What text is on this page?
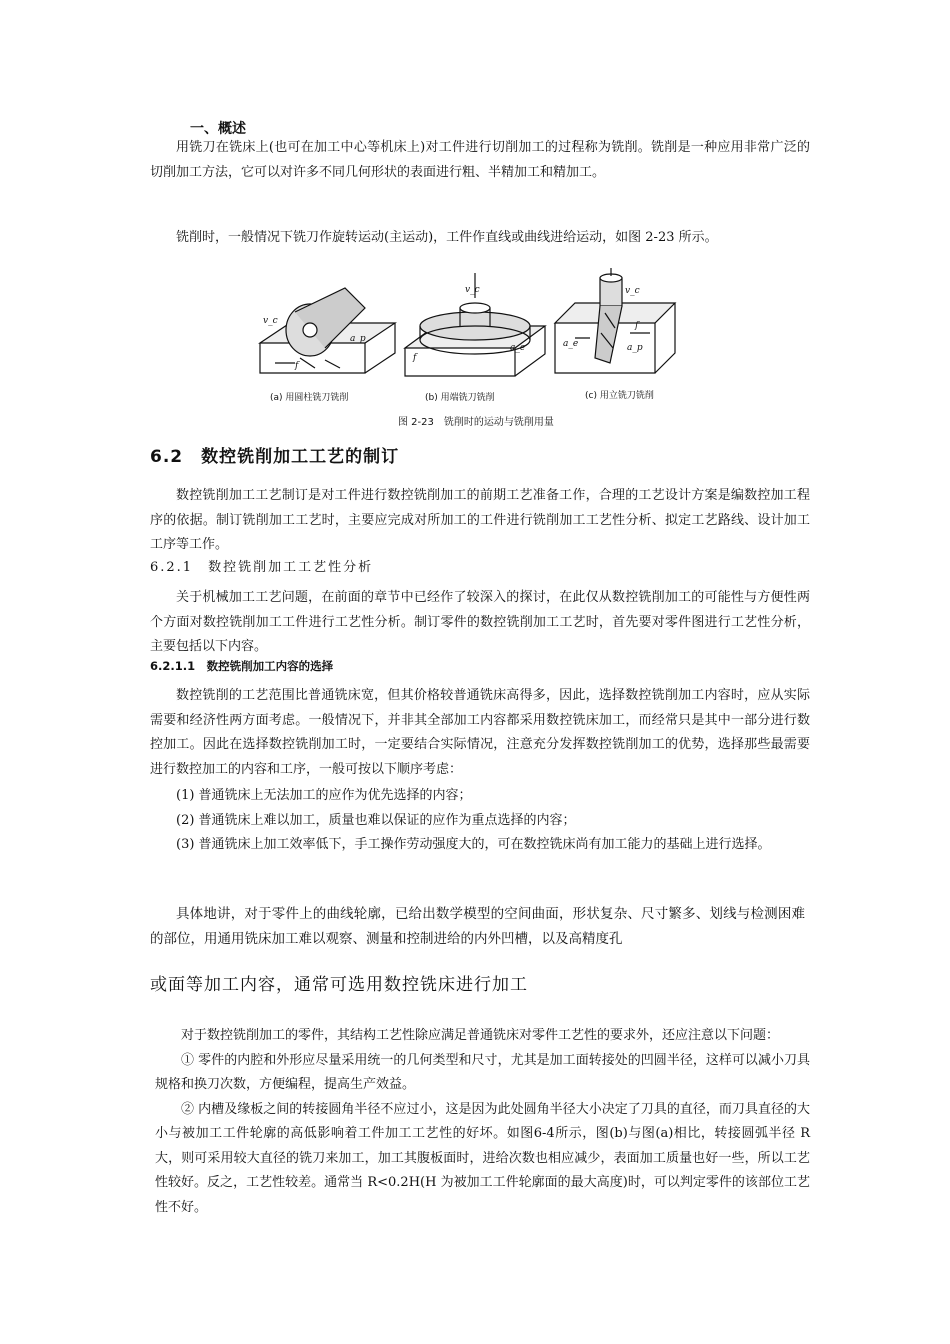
一、概述

用铣刀在铣床上(也可在加工中心等机床上)对工件进行切削加工的过程称为铣削。铣削是一种应用非常广泛的切削加工方法，它可以对许多不同几何形状的表面进行粗、半精加工和精加工。

铣削时，一般情况下铣刀作旋转运动(主运动)，工件作直线或曲线进给运动，如图 2-23 所示。

v_c
a_p
f
v_c
a_e
f
v_c
a_e	a_p
f
(a) 用圆柱铣刀铣削	(b) 用端铣刀铣削	(c) 用立铣刀铣削
图 2-23　铣削时的运动与铣削用量
6.2　数控铣削加工工艺的制订

数控铣削加工工艺制订是对工件进行数控铣削加工的前期工艺准备工作，合理的工艺设计方案是编数控加工程序的依据。制订铣削加工工艺时，主要应完成对所加工的工件进行铣削加工工艺性分析、拟定工艺路线、设计加工工序等工作。

6.2.1　数控铣削加工工艺性分析

关于机械加工工艺问题，在前面的章节中已经作了较深入的探讨，在此仅从数控铣削加工的可能性与方便性两个方面对数控铣削加工工件进行工艺性分析。制订零件的数控铣削加工工艺时，首先要对零件图进行工艺性分析，主要包括以下内容。

6.2.1.1　数控铣削加工内容的选择

数控铣削的工艺范围比普通铣床宽，但其价格较普通铣床高得多，因此，选择数控铣削加工内容时，应从实际需要和经济性两方面考虑。一般情况下，并非其全部加工内容都采用数控铣床加工，而经常只是其中一部分进行数控加工。因此在选择数控铣削加工时，一定要结合实际情况，注意充分发挥数控铣削加工的优势，选择那些最需要进行数控加工的内容和工序，一般可按以下顺序考虑：

(1) 普通铣床上无法加工的应作为优先选择的内容；

(2) 普通铣床上难以加工，质量也难以保证的应作为重点选择的内容；

(3) 普通铣床上加工效率低下，手工操作劳动强度大的，可在数控铣床尚有加工能力的基础上进行选择。

具体地讲，对于零件上的曲线轮廓，已给出数学模型的空间曲面，形状复杂、尺寸繁多、划线与检测困难的部位，用通用铣床加工难以观察、测量和控制进给的内外凹槽，以及高精度孔

或面等加工内容，通常可选用数控铣床进行加工

对于数控铣削加工的零件，其结构工艺性除应满足普通铣床对零件工艺性的要求外，还应注意以下问题：

① 零件的内腔和外形应尽量采用统一的几何类型和尺寸，尤其是加工面转接处的凹圆半径，这样可以减小刀具规格和换刀次数，方便编程，提高生产效益。

② 内槽及缘板之间的转接圆角半径不应过小，这是因为此处圆角半径大小决定了刀具的直径，而刀具直径的大小与被加工工件轮廓的高低影响着工件加工工艺性的好坏。如图6-4所示，图(b)与图(a)相比，转接圆弧半径 R 大，则可采用较大直径的铣刀来加工，加工其腹板面时，进给次数也相应减少，表面加工质量也好一些，所以工艺性较好。反之，工艺性较差。通常当 R<0.2H(H 为被加工工件轮廓面的最大高度)时，可以判定零件的该部位工艺性不好。
